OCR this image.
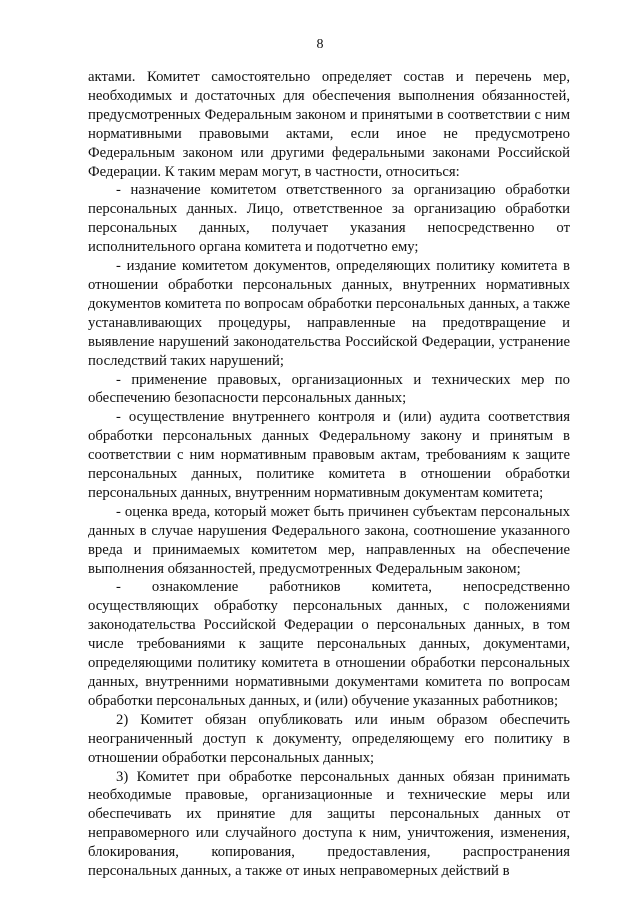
8

актами. Комитет самостоятельно определяет состав и перечень мер, необходимых и достаточных для обеспечения выполнения обязанностей, предусмотренных Федеральным законом и принятыми в соответствии с ним нормативными правовыми актами, если иное не предусмотрено Федеральным законом или другими федеральными законами Российской Федерации. К таким мерам могут, в частности, относиться:

- назначение комитетом ответственного за организацию обработки персональных данных. Лицо, ответственное за организацию обработки персональных данных, получает указания непосредственно от исполнительного органа комитета и подотчетно ему;

- издание комитетом документов, определяющих политику комитета в отношении обработки персональных данных, внутренних нормативных документов комитета по вопросам обработки персональных данных, а также устанавливающих процедуры, направленные на предотвращение и выявление нарушений законодательства Российской Федерации, устранение последствий таких нарушений;

- применение правовых, организационных и технических мер по обеспечению безопасности персональных данных;

- осуществление внутреннего контроля и (или) аудита соответствия обработки персональных данных Федеральному закону и принятым в соответствии с ним нормативным правовым актам, требованиям к защите персональных данных, политике комитета в отношении обработки персональных данных, внутренним нормативным документам комитета;

- оценка вреда, который может быть причинен субъектам персональных данных в случае нарушения Федерального закона, соотношение указанного вреда и принимаемых комитетом мер, направленных на обеспечение выполнения обязанностей, предусмотренных Федеральным законом;

- ознакомление работников комитета, непосредственно осуществляющих обработку персональных данных, с положениями законодательства Российской Федерации о персональных данных, в том числе требованиями к защите персональных данных, документами, определяющими политику комитета в отношении обработки персональных данных, внутренними нормативными документами комитета по вопросам обработки персональных данных, и (или) обучение указанных работников;

2) Комитет обязан опубликовать или иным образом обеспечить неограниченный доступ к документу, определяющему его политику в отношении обработки персональных данных;

3) Комитет при обработке персональных данных обязан принимать необходимые правовые, организационные и технические меры или обеспечивать их принятие для защиты персональных данных от неправомерного или случайного доступа к ним, уничтожения, изменения, блокирования, копирования, предоставления, распространения персональных данных, а также от иных неправомерных действий в
